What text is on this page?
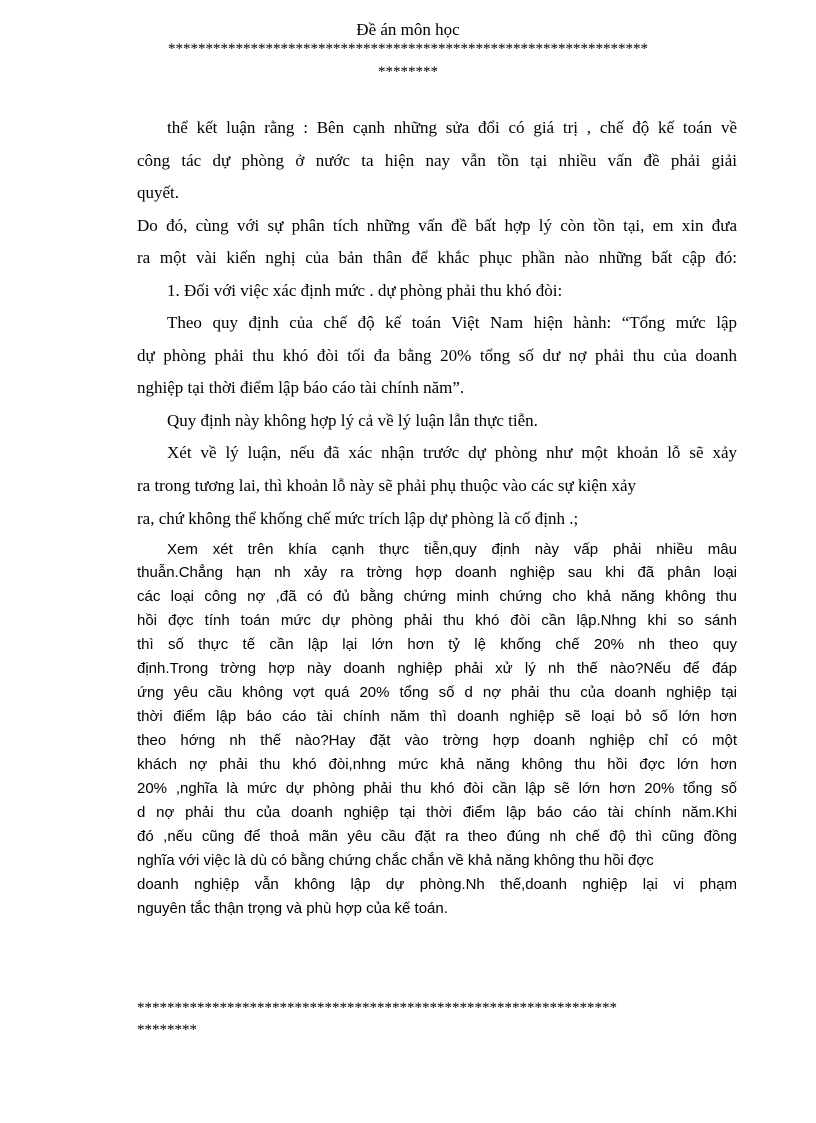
Đề án môn học
****************************************************************
********
thể kết luận rằng : Bên cạnh những sửa đổi có giá trị , chế độ kế toán về
công tác dự phòng ở nước ta hiện nay vẫn tồn tại nhiều vấn đề phải giải
quyết.
Do đó, cùng với sự phân tích những vấn đề bất hợp lý còn tồn tại, em xin đưa
ra một vài kiến nghị của bản thân để khắc phục phần nào những bất cập đó:
1. Đối với việc xác định mức . dự phòng phải thu khó đòi:
Theo quy định của chế độ kế toán Việt Nam hiện hành: “Tổng mức lập
dự phòng phải thu khó đòi tối đa bằng 20% tổng số dư nợ phải thu của doanh
nghiệp tại thời điểm lập báo cáo tài chính năm”.
Quy định này không hợp lý cả về lý luận lẫn thực tiễn.
Xét về lý luận, nếu đã xác nhận trước dự phòng như một khoản lỗ sẽ xảy
ra trong tương lai, thì khoản lỗ này sẽ phải phụ thuộc vào các sự kiện xảy
ra, chứ không thể khống chế mức trích lập dự phòng là cố định .;
Xem xét trên khía cạnh thực tiễn,quy định này vấp phải nhiều mâu
thuẫn.Chẳng hạn nh xảy ra trờng hợp doanh nghiệp sau khi đã phân loại
các loại công nợ ,đã có đủ bằng chứng minh chứng cho khả năng không thu
hồi đợc tính toán mức dự phòng phải thu khó đòi cần lập.Nhng khi so sánh
thì số thực tế cần lập lại lớn hơn tỷ lệ khống chế 20% nh theo quy
định.Trong trờng hợp này doanh nghiệp phải xử lý nh thế nào?Nếu để đáp
ứng yêu cầu không vợt quá 20% tổng số d nợ phải thu của doanh nghiệp tại
thời điểm lập báo cáo tài chính năm thì doanh nghiệp sẽ loại bỏ số lớn hơn
theo hớng nh thế nào?Hay đặt vào trờng hợp doanh nghiệp chỉ có một
khách nợ phải thu khó đòi,nhng mức khả năng không thu hồi đợc lớn hơn
20% ,nghĩa là mức dự phòng phải thu khó đòi cần lập sẽ lớn hơn 20% tổng số
d nợ phải thu của doanh nghiệp tại thời điểm lập báo cáo tài chính năm.Khi
đó ,nếu cũng để thoả mãn yêu cầu đặt ra theo đúng nh chế độ thì cũng đồng
nghĩa với việc là dù có bằng chứng chắc chắn về khả năng không thu hồi đợc
doanh nghiệp vẫn không lập dự phòng.Nh thế,doanh nghiệp lại vi phạm
nguyên tắc thận trọng và phù hợp của kế toán.
****************************************************************
********
